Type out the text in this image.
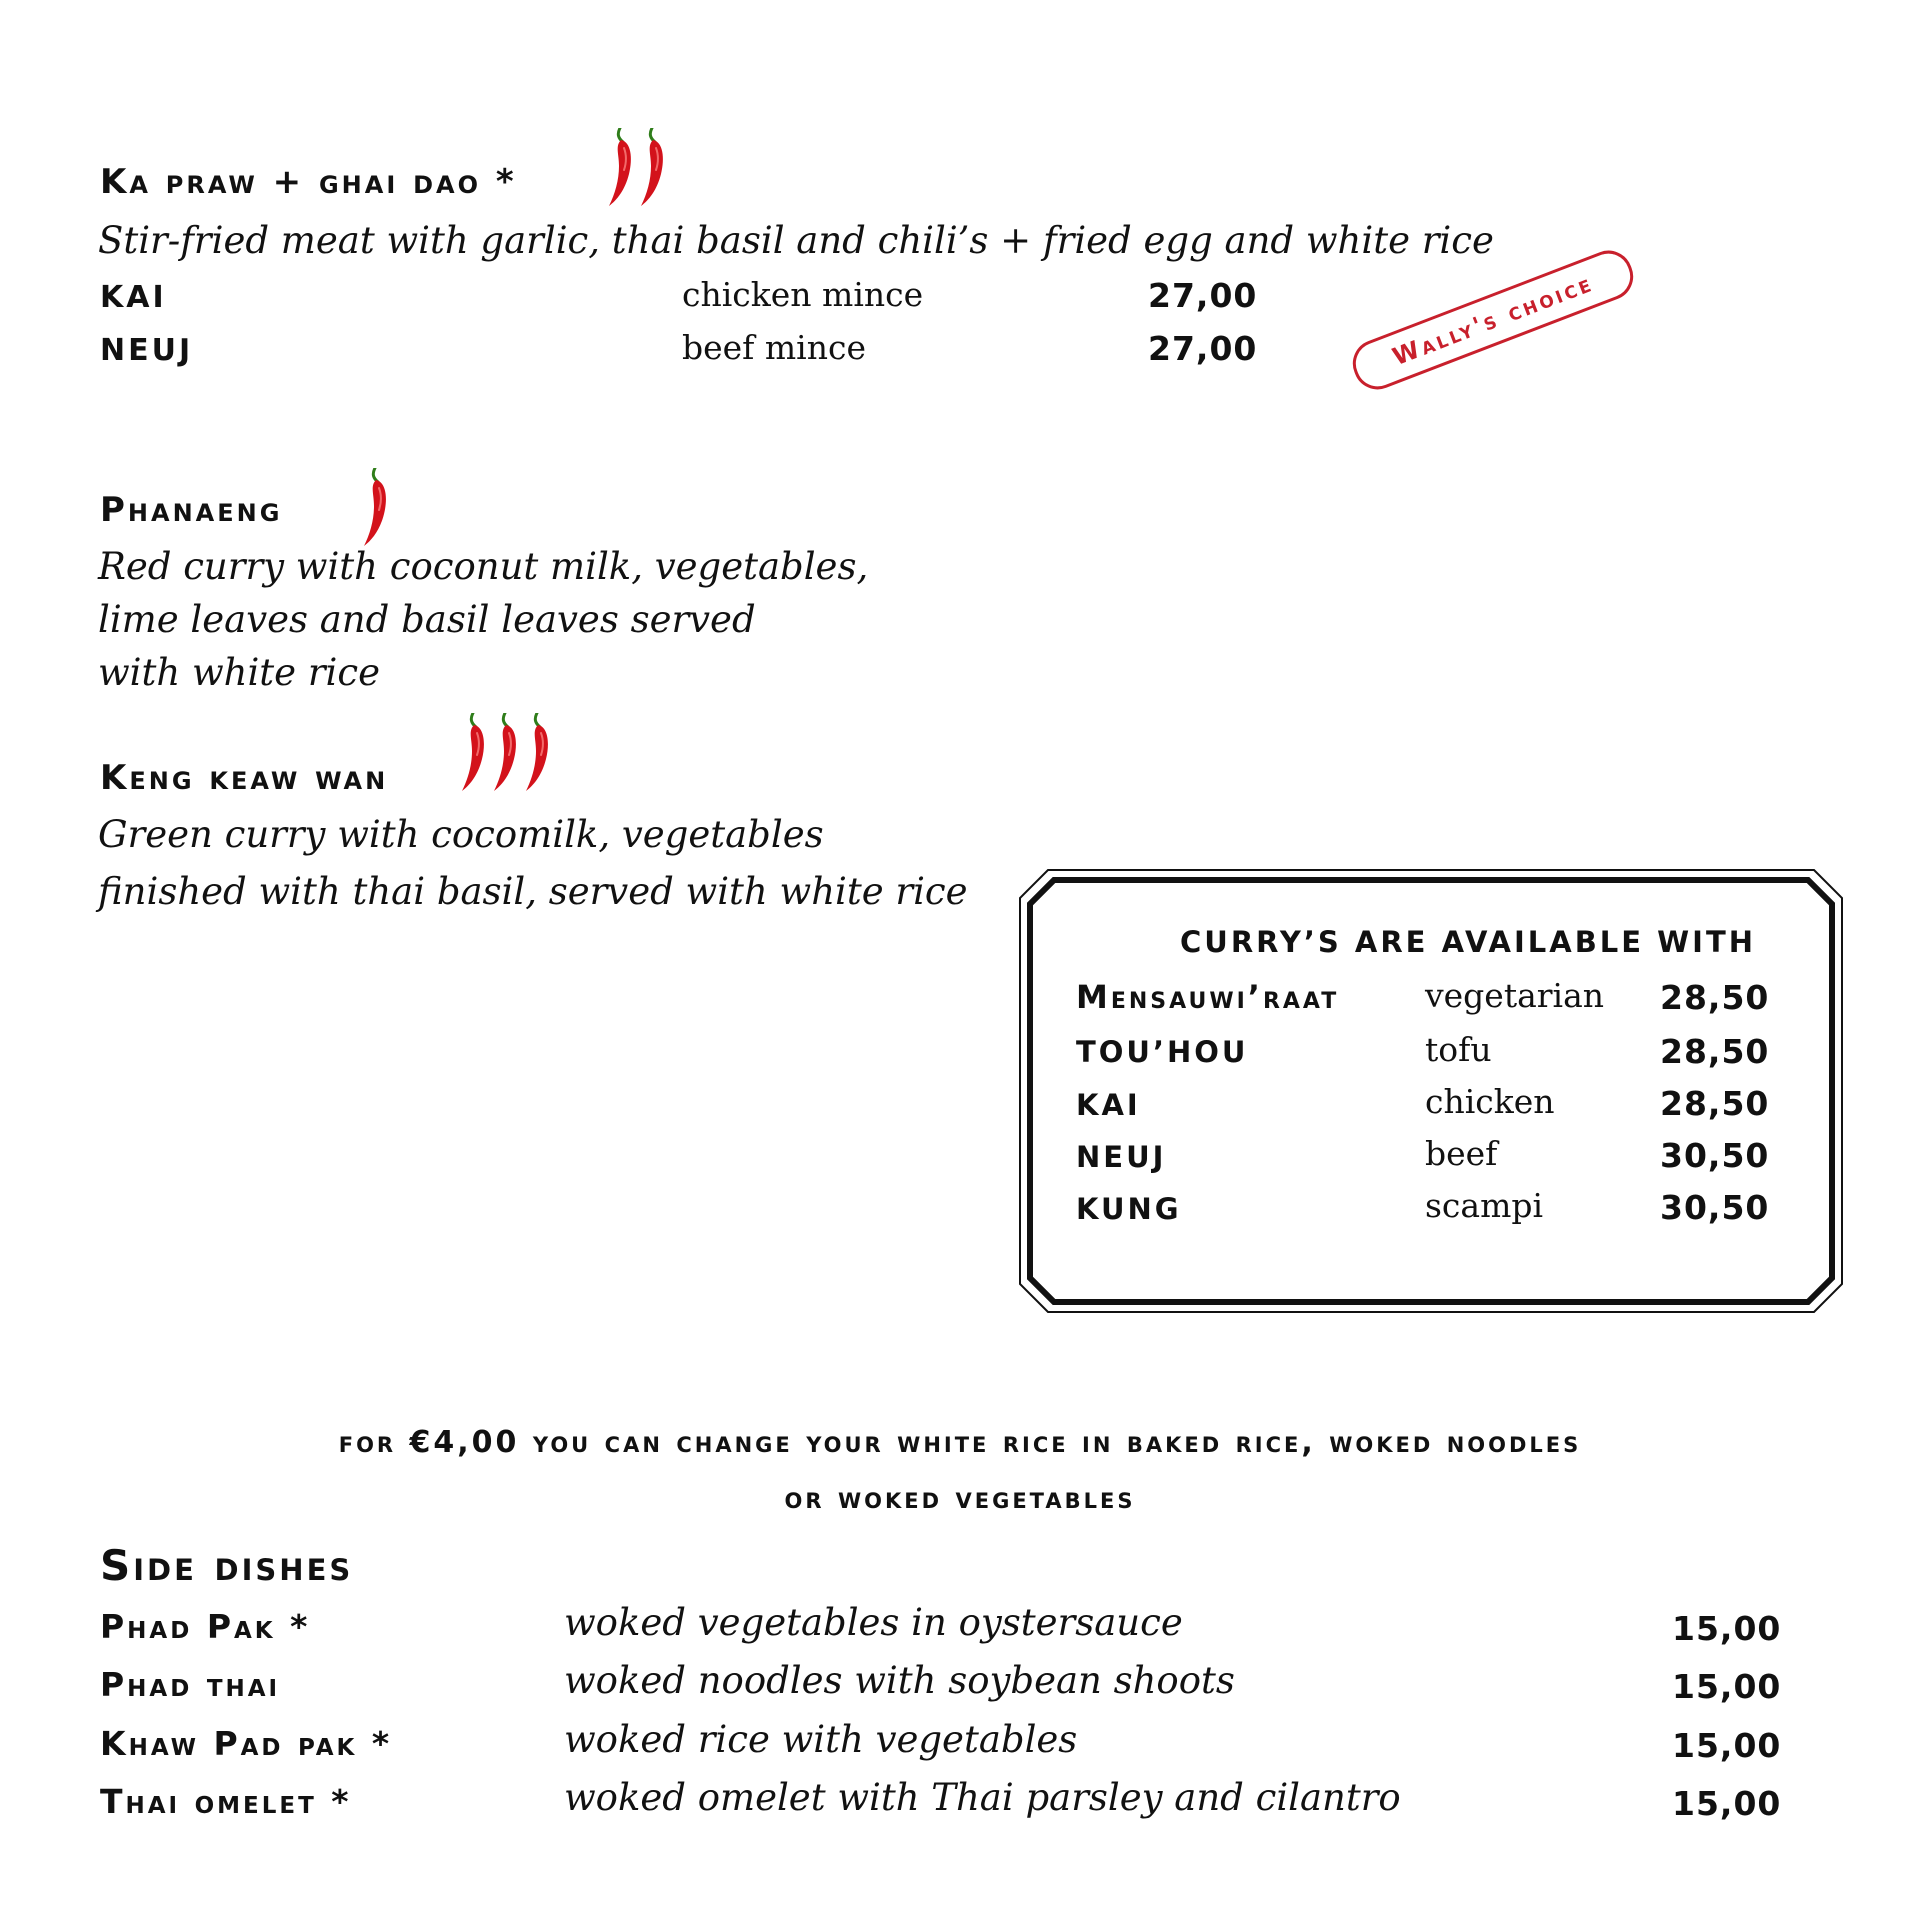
Ka praw + ghai dao *
Stir-fried meat with garlic, thai basil and chili’s + fried egg and white rice
KAI	chicken mince	27,00
NEUJ	beef mince	27,00	Wally's choice
Phanaeng
Red curry with coconut milk, vegetables,
lime leaves and basil leaves served
with white rice
Keng keaw wan
Green curry with cocomilk, vegetables
finished with thai basil, served with white rice
CURRY’S ARE AVAILABLE WITH
Mensauwi’raat	vegetarian 28,50
TOU’HOU	tofu	28,50
KAI	chicken	28,50
NEUJ	beef	30,50
KUNG	scampi	30,50
for €4,00 you can change your white rice in baked rice, woked noodles
or woked vegetables
Side dishes
Phad Pak *	woked vegetables in oystersauce	15,00
Phad thai	woked noodles with soybean shoots	15,00
Khaw Pad pak *	woked rice with vegetables	15,00
Thai omelet *	woked omelet with Thai parsley and cilantro	15,00
